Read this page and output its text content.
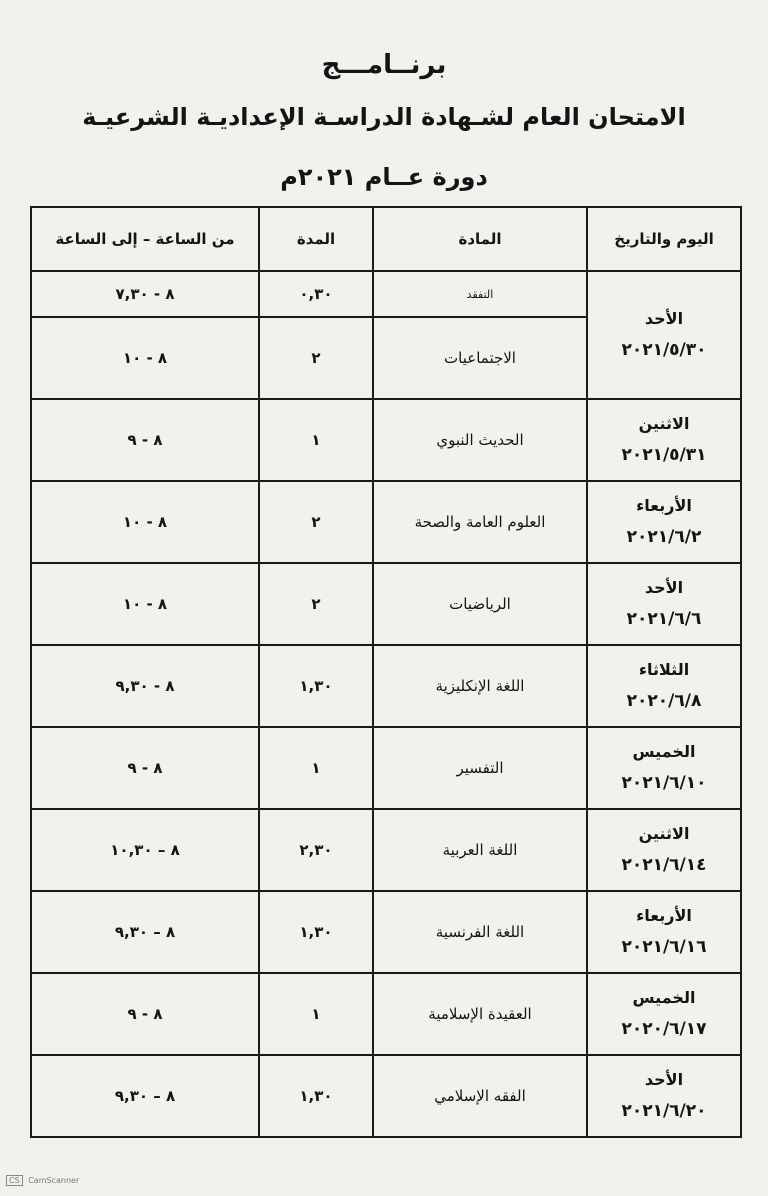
برنــامـــج
الامتحان العام لشـهادة الدراسـة الإعداديـة الشرعيـة
دورة عــام ٢٠٢١م
اليوم والتاريخ	المادة	المدة	من الساعة – إلى الساعة

الأحد
٢٠٢١/٥/٣٠	التفقد	٠,٣٠	٨ - ٧,٣٠
	الاجتماعيات	٢	٨ - ١٠

الاثنين
٢٠٢١/٥/٣١	الحديث النبوي	١	٨ - ٩

الأربعاء
٢٠٢١/٦/٢	العلوم العامة والصحة	٢	٨ - ١٠

الأحد
٢٠٢١/٦/٦	الرياضيات	٢	٨ - ١٠

الثلاثاء
٢٠٢٠/٦/٨	اللغة الإنكليزية	١,٣٠	٨ - ٩,٣٠

الخميس
٢٠٢١/٦/١٠	التفسير	١	٨ - ٩

الاثنين
٢٠٢١/٦/١٤	اللغة العربية	٢,٣٠	٨ – ١٠,٣٠

الأربعاء
٢٠٢١/٦/١٦	اللغة الفرنسية	١,٣٠	٨ – ٩,٣٠

الخميس
٢٠٢٠/٦/١٧	العقيدة الإسلامية	١	٨ - ٩

الأحد
٢٠٢١/٦/٢٠	الفقه الإسلامي	١,٣٠	٨ – ٩,٣٠
CS CamScanner
